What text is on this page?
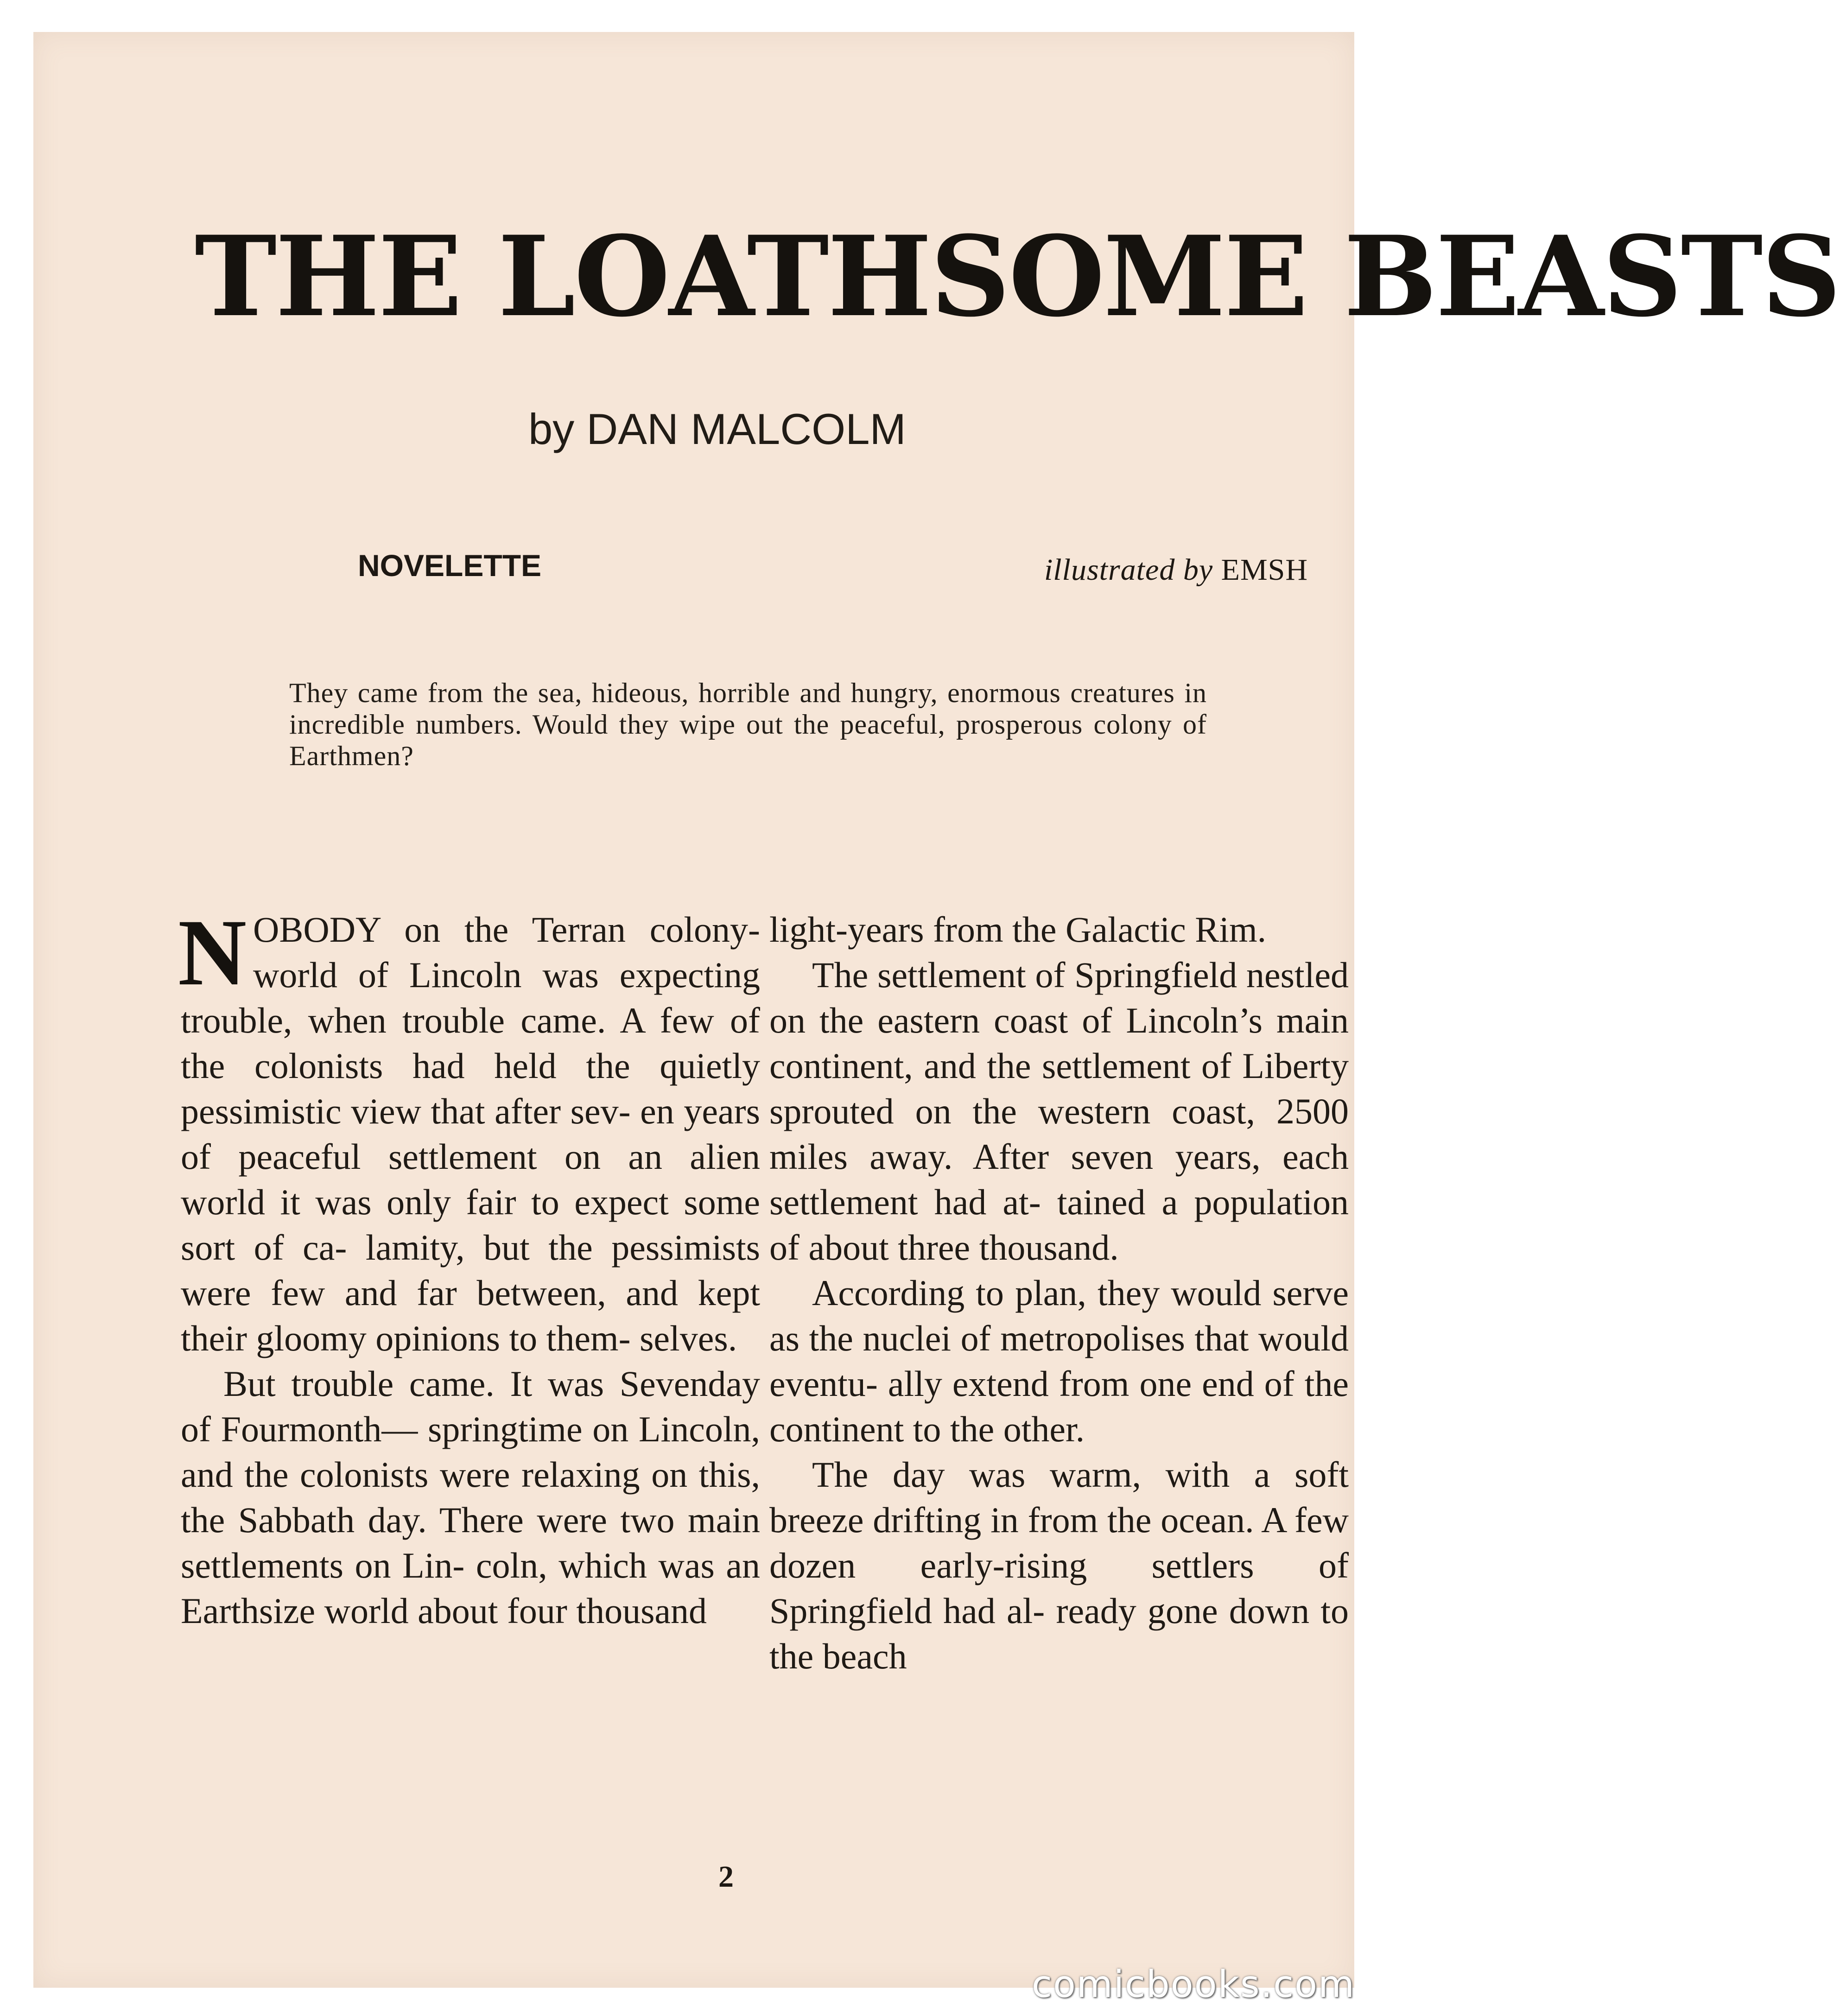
THE LOATHSOME BEASTS
by DAN MALCOLM
NOVELETTE	illustrated by EMSH
They came from the sea, hideous, horrible and hungry, enormous creatures in incredible numbers. Would they wipe out the peaceful, prosperous colony of Earthmen?

NOBODY on the Terran colony-world of Lincoln was expecting trouble, when trouble came. A few of the colonists had held the quietly pessimistic view that after sev- en years of peaceful settlement on an alien world it was only fair to expect some sort of ca- lamity, but the pessimists were few and far between, and kept their gloomy opinions to them- selves.

But trouble came. It was Sevenday of Fourmonth— springtime on Lincoln, and the colonists were relaxing on this, the Sabbath day. There were two main settlements on Lin- coln, which was an Earthsize world about four thousand

light-years from the Galactic Rim.

The settlement of Springfield nestled on the eastern coast of Lincoln’s main continent, and the settlement of Liberty sprouted on the western coast, 2500 miles away. After seven years, each settlement had at- tained a population of about three thousand.

According to plan, they would serve as the nuclei of metropolises that would eventu- ally extend from one end of the continent to the other.

The day was warm, with a soft breeze drifting in from the ocean. A few dozen early-rising settlers of Springfield had al- ready gone down to the beach

2
comicbooks.com
